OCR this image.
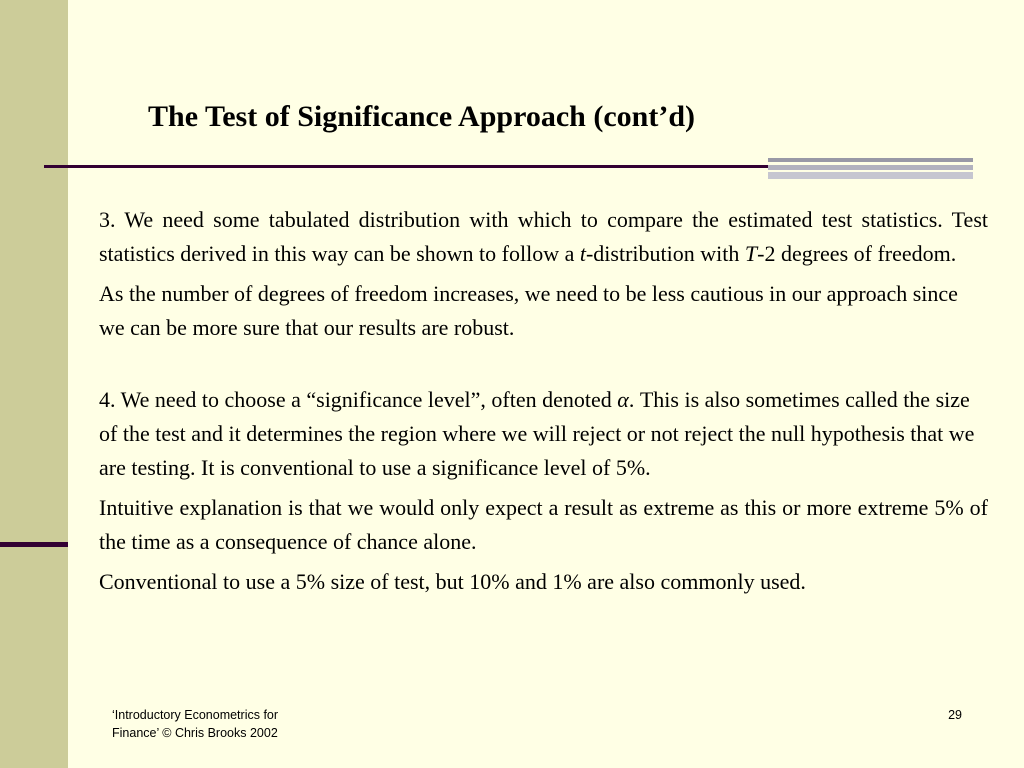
The Test of Significance Approach (cont’d)

3. We need some tabulated distribution with which to compare the estimated test statistics. Test statistics derived in this way can be shown to follow a t-distribution with T-2 degrees of freedom.

As the number of degrees of freedom increases, we need to be less cautious in our approach since we can be more sure that our results are robust.

4. We need to choose a “significance level”, often denoted α. This is also sometimes called the size of the test and it determines the region where we will reject or not reject the null hypothesis that we are testing. It is conventional to use a significance level of 5%.

Intuitive explanation is that we would only expect a result as extreme as this or more extreme 5% of the time as a consequence of chance alone.

Conventional to use a 5% size of test, but 10% and 1% are also commonly used.

‘Introductory Econometrics for
Finance’ © Chris Brooks 2002
29
